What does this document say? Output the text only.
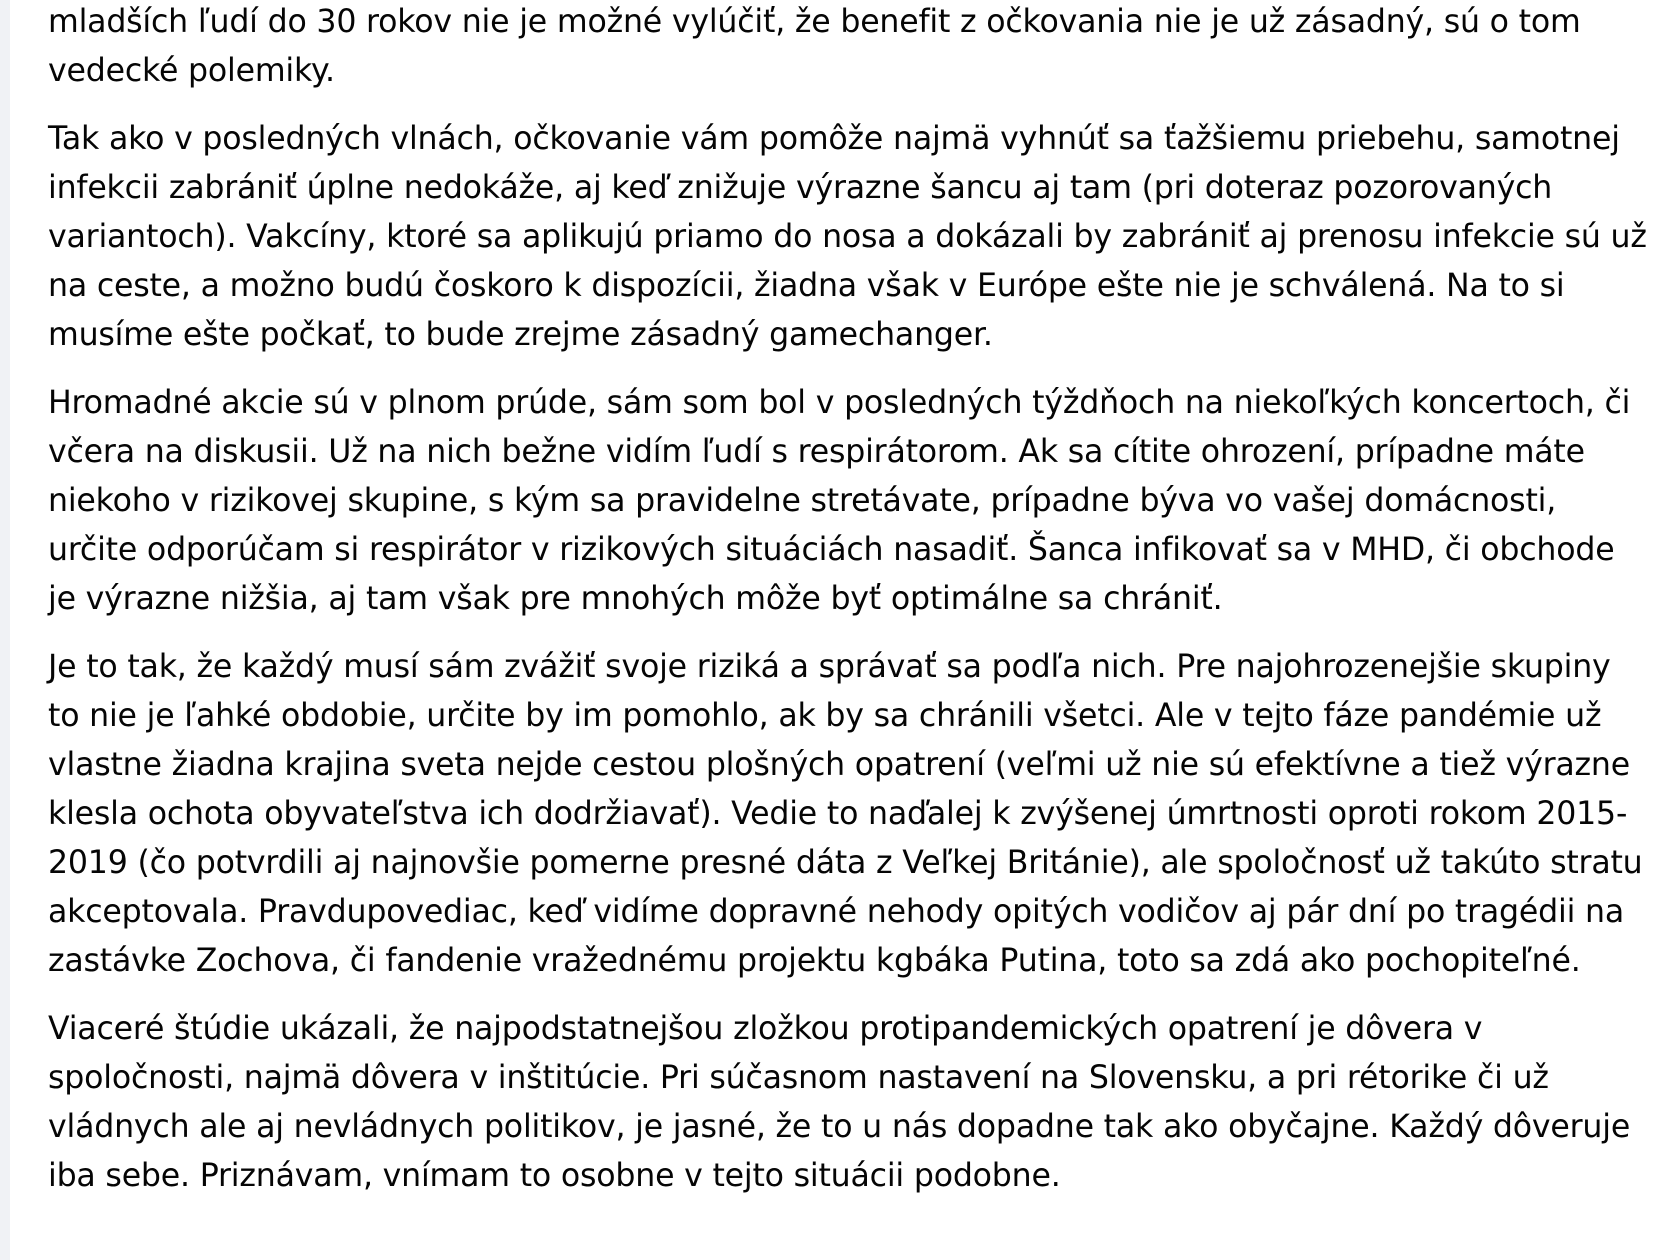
mladších ľudí do 30 rokov nie je možné vylúčiť, že benefit z očkovania nie je už zásadný, sú o tom vedecké polemiky.

Tak ako v posledných vlnách, očkovanie vám pomôže najmä vyhnúť sa ťažšiemu priebehu, samotnej infekcii zabrániť úplne nedokáže, aj keď znižuje výrazne šancu aj tam (pri doteraz pozorovaných variantoch). Vakcíny, ktoré sa aplikujú priamo do nosa a dokázali by zabrániť aj prenosu infekcie sú už na ceste, a možno budú čoskoro k dispozícii, žiadna však v Európe ešte nie je schválená. Na to si musíme ešte počkať, to bude zrejme zásadný gamechanger.

Hromadné akcie sú v plnom prúde, sám som bol v posledných týždňoch na niekoľkých koncertoch, či včera na diskusii. Už na nich bežne vidím ľudí s respirátorom. Ak sa cítite ohrození, prípadne máte niekoho v rizikovej skupine, s kým sa pravidelne stretávate, prípadne býva vo vašej domácnosti, určite odporúčam si respirátor v rizikových situáciách nasadiť. Šanca infikovať sa v MHD, či obchode je výrazne nižšia, aj tam však pre mnohých môže byť optimálne sa chrániť.

Je to tak, že každý musí sám zvážiť svoje riziká a správať sa podľa nich. Pre najohrozenejšie skupiny to nie je ľahké obdobie, určite by im pomohlo, ak by sa chránili všetci. Ale v tejto fáze pandémie už vlastne žiadna krajina sveta nejde cestou plošných opatrení (veľmi už nie sú efektívne a tiež výrazne klesla ochota obyvateľstva ich dodržiavať). Vedie to naďalej k zvýšenej úmrtnosti oproti rokom 2015-2019 (čo potvrdili aj najnovšie pomerne presné dáta z Veľkej Británie), ale spoločnosť už takúto stratu akceptovala. Pravdupovediac, keď vidíme dopravné nehody opitých vodičov aj pár dní po tragédii na zastávke Zochova, či fandenie vražednému projektu kgbáka Putina, toto sa zdá ako pochopiteľné.

Viaceré štúdie ukázali, že najpodstatnejšou zložkou protipandemických opatrení je dôvera v spoločnosti, najmä dôvera v inštitúcie. Pri súčasnom nastavení na Slovensku, a pri rétorike či už vládnych ale aj nevládnych politikov, je jasné, že to u nás dopadne tak ako obyčajne. Každý dôveruje iba sebe. Priznávam, vnímam to osobne v tejto situácii podobne.
